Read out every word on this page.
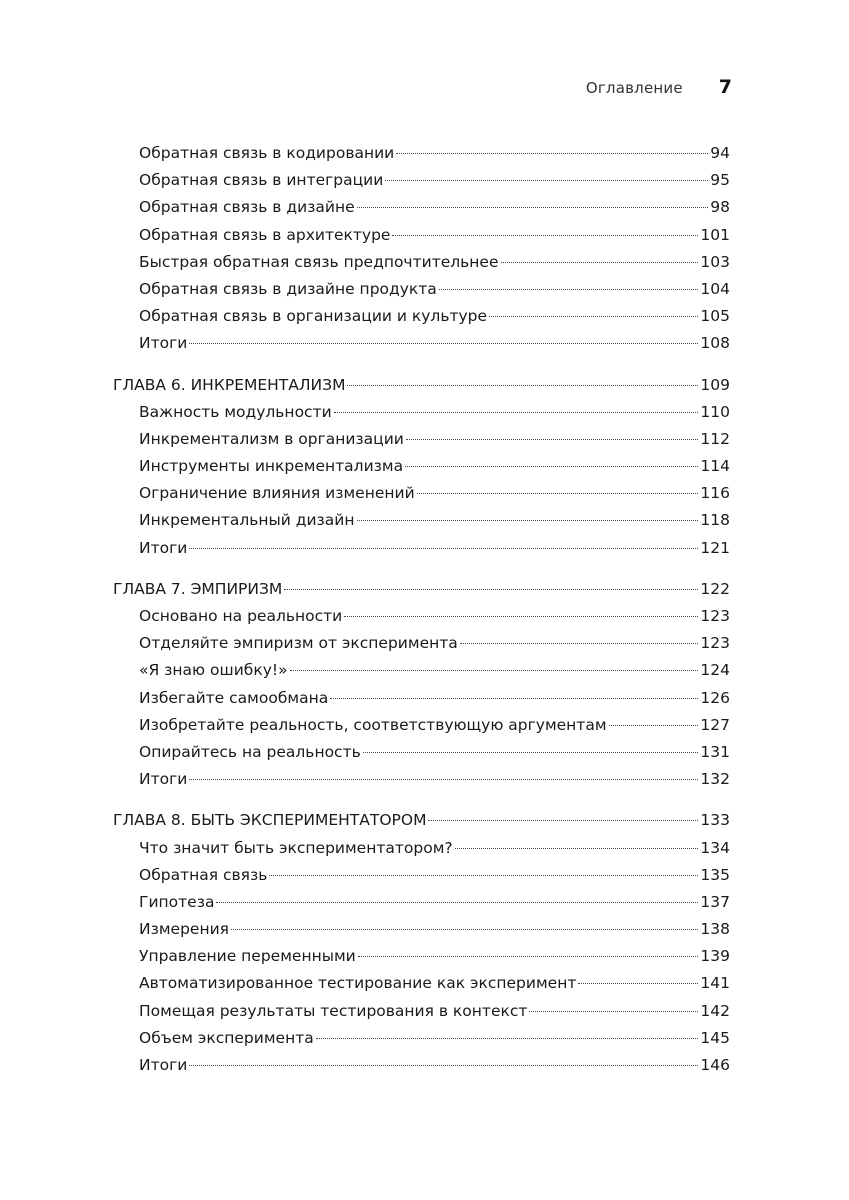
Оглавление 7
Обратная связь в кодировании	94
Обратная связь в интеграции	95
Обратная связь в дизайне	98
Обратная связь в архитектуре	101
Быстрая обратная связь предпочтительнее	103
Обратная связь в дизайне продукта	104
Обратная связь в организации и культуре	105
Итоги	108
ГЛАВА 6. ИНКРЕМЕНТАЛИЗМ	109
Важность модульности	110
Инкрементализм в организации	112
Инструменты инкрементализма	114
Ограничение влияния изменений	116
Инкрементальный дизайн	118
Итоги	121
ГЛАВА 7. ЭМПИРИЗМ	122
Основано на реальности	123
Отделяйте эмпиризм от эксперимента	123
«Я знаю ошибку!»	124
Избегайте самообмана	126
Изобретайте реальность, соответствующую аргументам	127
Опирайтесь на реальность	131
Итоги	132
ГЛАВА 8. БЫТЬ ЭКСПЕРИМЕНТАТОРОМ	133
Что значит быть экспериментатором?	134
Обратная связь	135
Гипотеза	137
Измерения	138
Управление переменными	139
Автоматизированное тестирование как эксперимент	141
Помещая результаты тестирования в контекст	142
Объем эксперимента	145
Итоги	146
